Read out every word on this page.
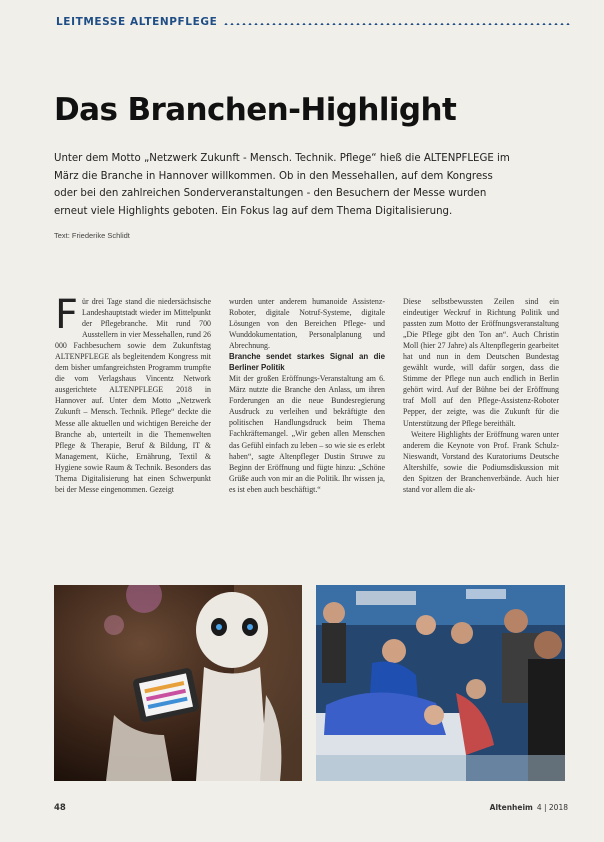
LEITMESSE ALTENPFLEGE
Das Branchen-Highlight

Unter dem Motto „Netzwerk Zukunft - Mensch. Technik. Pflege“ hieß die ALTENPFLEGE im März die Branche in Hannover willkommen. Ob in den Messehallen, auf dem Kongress oder bei den zahlreichen Sonderveranstaltungen - den Besuchern der Messe wurden erneut viele Highlights geboten. Ein Fokus lag auf dem Thema Digitalisierung.

Text: Friederike Schlidt

Für drei Tage stand die niedersächsische Landeshauptstadt wieder im Mittelpunkt der Pflegebranche. Mit rund 700 Ausstellern in vier Messehallen, rund 26 000 Fachbesuchern sowie dem Zukunftstag ALTENPFLEGE als begleitendem Kongress mit dem bisher umfangreichsten Programm trumpfte die vom Verlagshaus Vincentz Network ausgerichtete ALTENPFLEGE 2018 in Hannover auf. Unter dem Motto „Netzwerk Zukunft – Mensch. Technik. Pflege“ deckte die Messe alle aktuellen und wichtigen Bereiche der Branche ab, unterteilt in die Themenwelten Pflege & Therapie, Beruf & Bildung, IT & Management, Küche, Ernährung, Textil & Hygiene sowie Raum & Technik. Besonders das Thema Digitalisierung hat einen Schwerpunkt bei der Messe eingenommen. Gezeigt

wurden unter anderem humanoide Assistenz-Roboter, digitale Notruf-Systeme, digitale Lösungen von den Bereichen Pflege- und Wunddokumentation, Personalplanung und Abrechnung.

Branche sendet starkes Signal an die Berliner Politik

Mit der großen Eröffnungs-Veranstaltung am 6. März nutzte die Branche den Anlass, um ihren Forderungen an die neue Bundesregierung Ausdruck zu verleihen und bekräftigte den politischen Handlungsdruck beim Thema Fachkräftemangel. „Wir geben allen Menschen das Gefühl einfach zu leben – so wie sie es erlebt haben“, sagte Altenpfleger Dustin Struwe zu Beginn der Eröffnung und fügte hinzu: „Schöne Grüße auch von mir an die Politik. Ihr wissen ja, es ist eben auch beschäftigt.“

Diese selbstbewussten Zeilen sind ein eindeutiger Weckruf in Richtung Politik und passten zum Motto der Eröffnungsveranstaltung „Die Pflege gibt den Ton an“. Auch Christin Moll (hier 27 Jahre) als Altenpflegerin gearbeitet hat und nun in dem Deutschen Bundestag gewählt wurde, will dafür sorgen, dass die Stimme der Pflege nun auch endlich in Berlin gehört wird. Auf der Bühne bei der Eröffnung traf Moll auf den Pflege-Assistenz-Roboter Pepper, der zeigte, was die Zukunft für die Unterstützung der Pflege bereithält.

Weitere Highlights der Eröffnung waren unter anderem die Keynote von Prof. Frank Schulz-Nieswandt, Vorstand des Kuratoriums Deutsche Altershilfe, sowie die Podiumsdiskussion mit den Spitzen der Branchenverbände. Auch hier stand vor allem die ak-

48	Altenheim 4 | 2018
